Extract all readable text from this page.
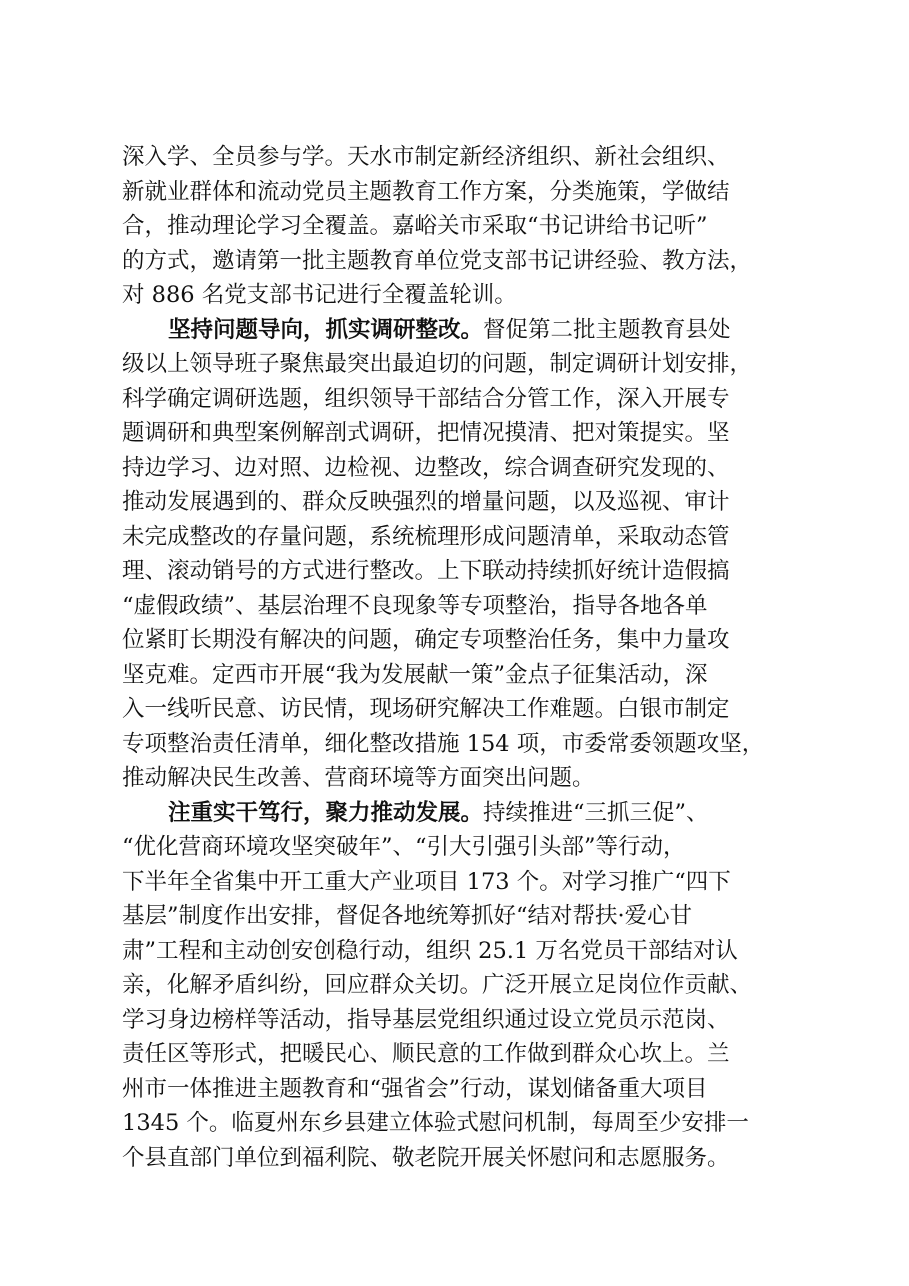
深入学、全员参与学。天水市制定新经济组织、新社会组织、
新就业群体和流动党员主题教育工作方案，分类施策，学做结
合，推动理论学习全覆盖。嘉峪关市采取“书记讲给书记听”
的方式，邀请第一批主题教育单位党支部书记讲经验、教方法，
对 886 名党支部书记进行全覆盖轮训。
坚持问题导向，抓实调研整改。督促第二批主题教育县处
级以上领导班子聚焦最突出最迫切的问题，制定调研计划安排，
科学确定调研选题，组织领导干部结合分管工作，深入开展专
题调研和典型案例解剖式调研，把情况摸清、把对策提实。坚
持边学习、边对照、边检视、边整改，综合调查研究发现的、
推动发展遇到的、群众反映强烈的增量问题，以及巡视、审计
未完成整改的存量问题，系统梳理形成问题清单，采取动态管
理、滚动销号的方式进行整改。上下联动持续抓好统计造假搞
“虚假政绩”、基层治理不良现象等专项整治，指导各地各单
位紧盯长期没有解决的问题，确定专项整治任务，集中力量攻
坚克难。定西市开展“我为发展献一策”金点子征集活动，深
入一线听民意、访民情，现场研究解决工作难题。白银市制定
专项整治责任清单，细化整改措施 154 项，市委常委领题攻坚，
推动解决民生改善、营商环境等方面突出问题。
注重实干笃行，聚力推动发展。持续推进“三抓三促”、
“优化营商环境攻坚突破年”、“引大引强引头部”等行动，
下半年全省集中开工重大产业项目 173 个。对学习推广“四下
基层”制度作出安排，督促各地统筹抓好“结对帮扶·爱心甘
肃”工程和主动创安创稳行动，组织 25.1 万名党员干部结对认
亲，化解矛盾纠纷，回应群众关切。广泛开展立足岗位作贡献、
学习身边榜样等活动，指导基层党组织通过设立党员示范岗、
责任区等形式，把暖民心、顺民意的工作做到群众心坎上。兰
州市一体推进主题教育和“强省会”行动，谋划储备重大项目
1345 个。临夏州东乡县建立体验式慰问机制，每周至少安排一
个县直部门单位到福利院、敬老院开展关怀慰问和志愿服务。
